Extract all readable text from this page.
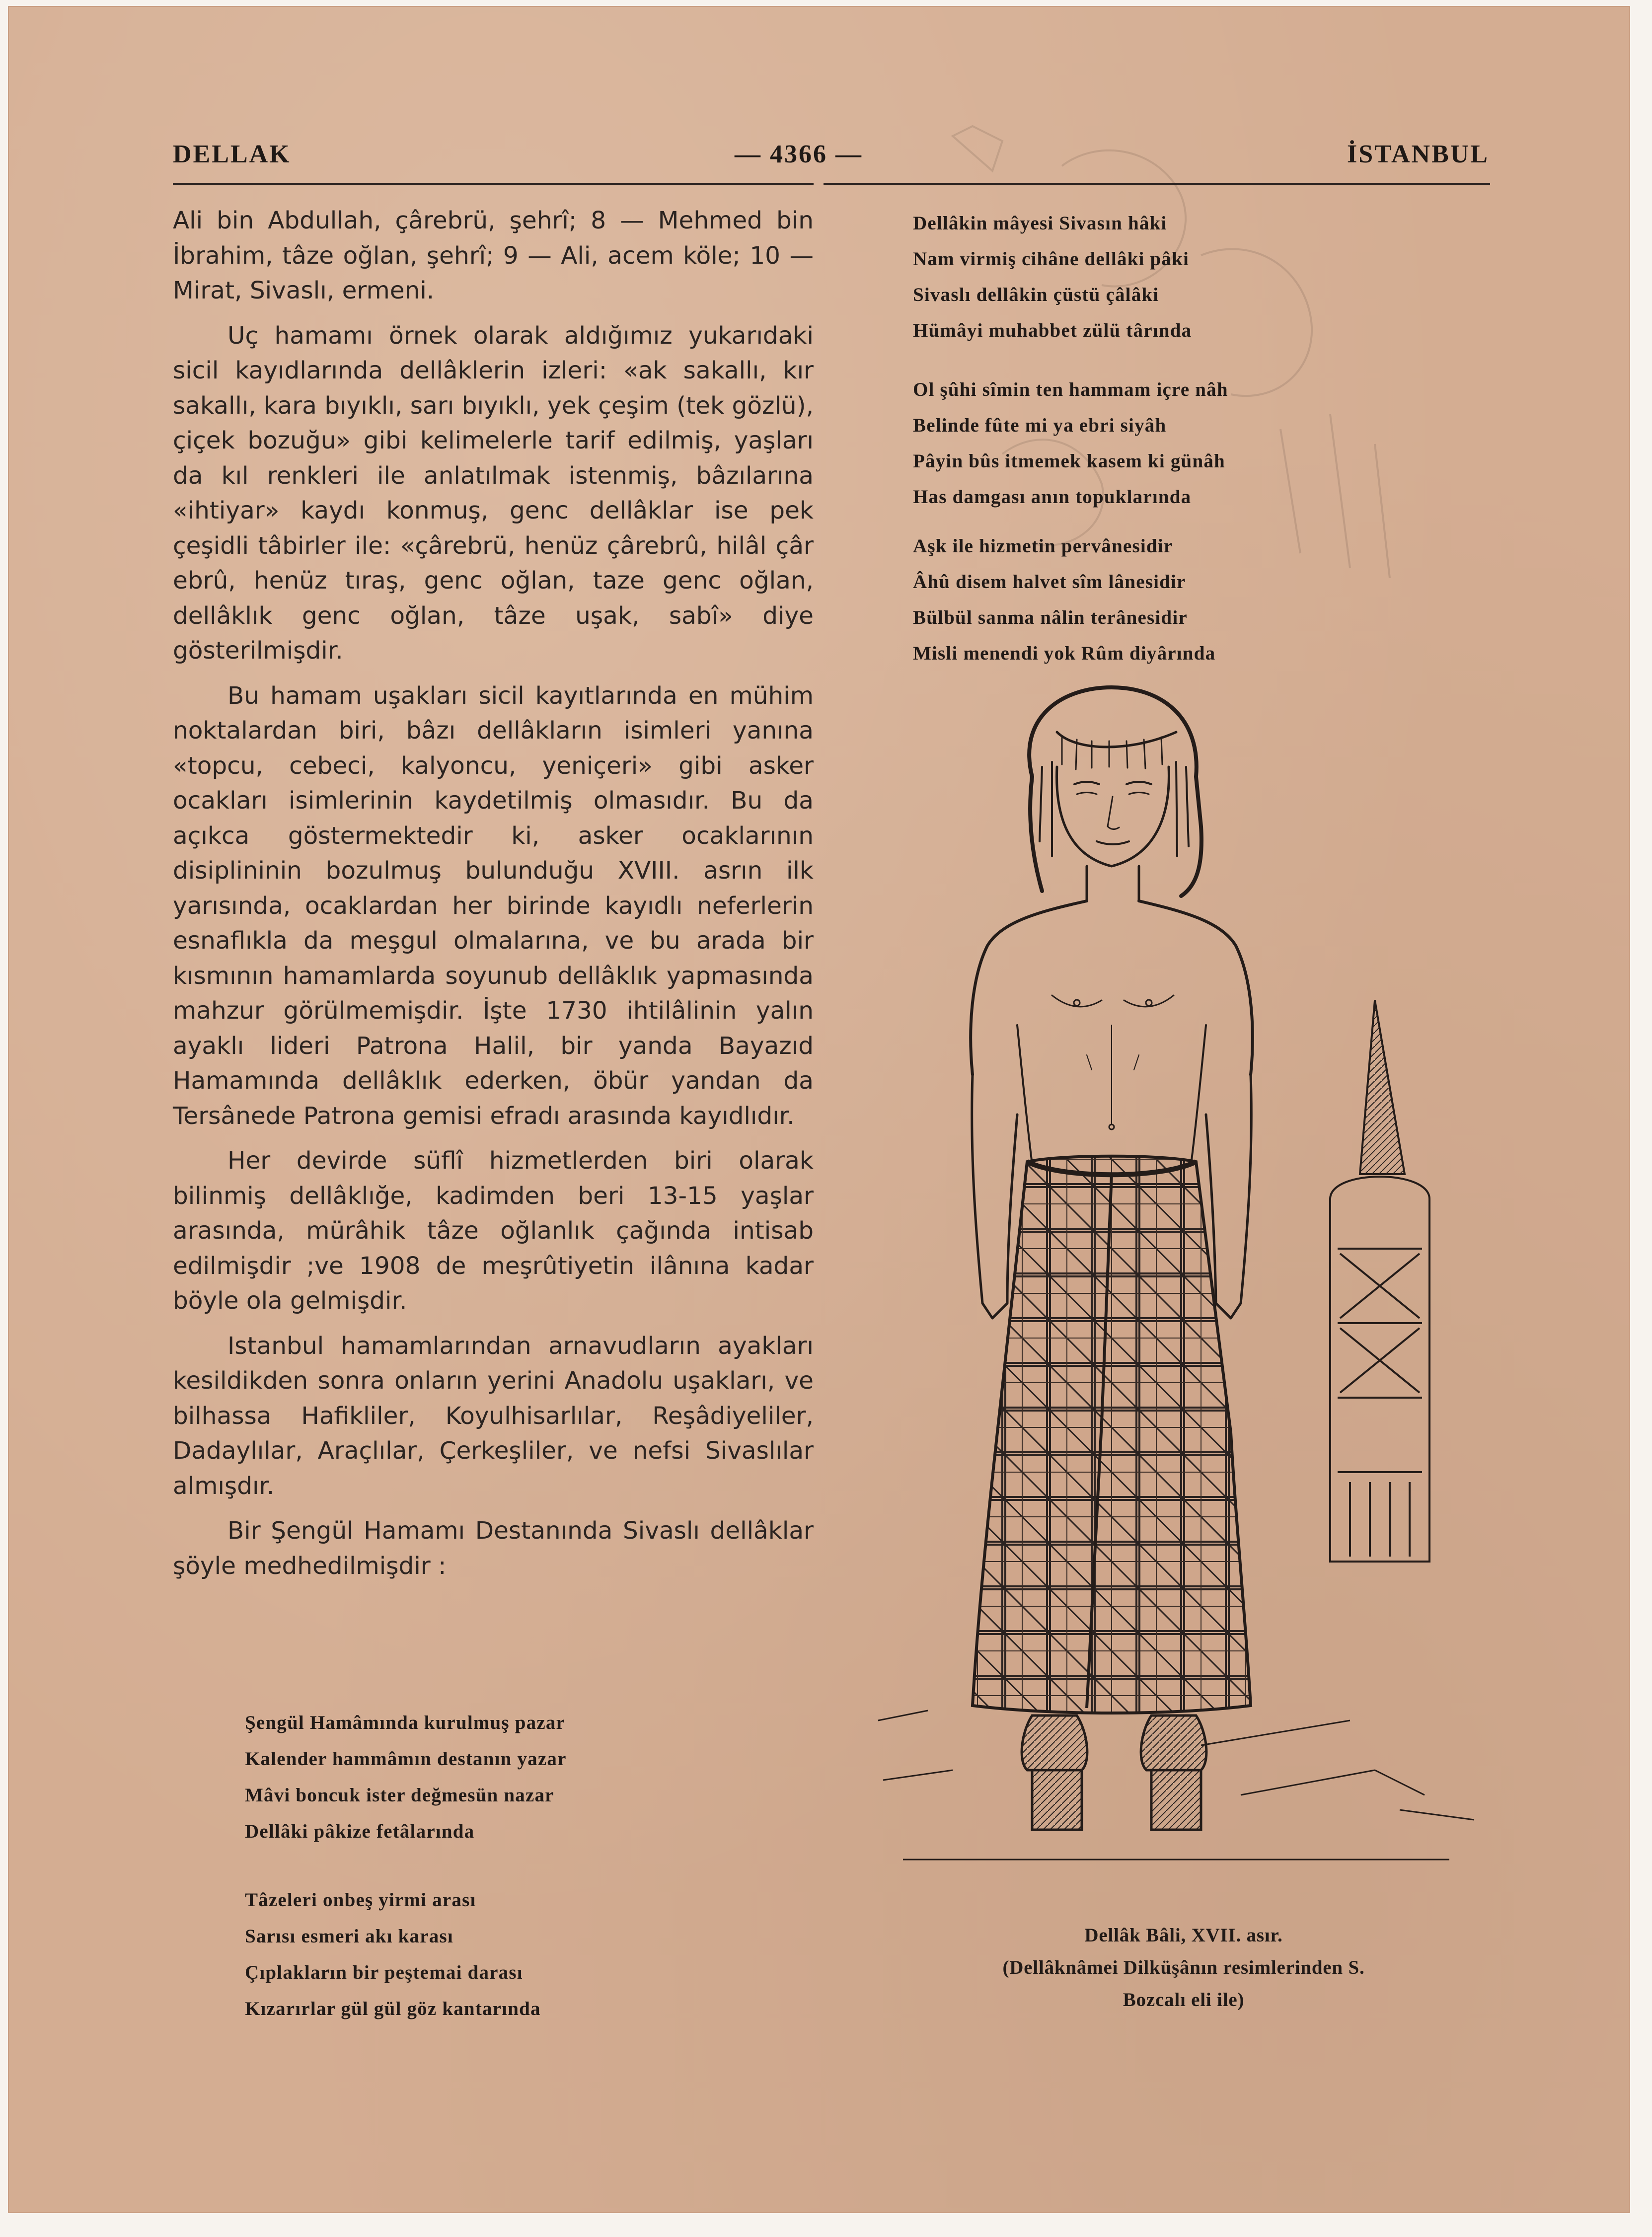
DELLAK	— 4366 —	İSTANBUL

Ali bin Abdullah, çârebrü, şehrî; 8 — Mehmed bin İbrahim, tâze oğlan, şehrî; 9 — Ali, acem köle; 10 — Mirat, Sivaslı, ermeni.

Uç hamamı örnek olarak aldığımız yukarıdaki sicil kayıdlarında dellâklerin izleri: «ak sakallı, kır sakallı, kara bıyıklı, sarı bıyıklı, yek çeşim (tek gözlü), çiçek bozuğu» gibi kelimelerle tarif edilmiş, yaşları da kıl renkleri ile anlatılmak istenmiş, bâzılarına «ihtiyar» kaydı konmuş, genc dellâklar ise pek çeşidli tâbirler ile: «çârebrü, henüz çârebrû, hilâl çâr ebrû, henüz tıraş, genc oğlan, taze genc oğlan, dellâklık genc oğlan, tâze uşak, sabî» diye gösterilmişdir.

Bu hamam uşakları sicil kayıtlarında en mühim noktalardan biri, bâzı dellâkların isimleri yanına «topcu, cebeci, kalyoncu, yeniçeri» gibi asker ocakları isimlerinin kaydetilmiş olmasıdır. Bu da açıkca göstermektedir ki, asker ocaklarının disiplininin bozulmuş bulunduğu XVIII. asrın ilk yarısında, ocaklardan her birinde kayıdlı neferlerin esnaflıkla da meşgul olmalarına, ve bu arada bir kısmının hamamlarda soyunub dellâklık yapmasında mahzur görülmemişdir. İşte 1730 ihtilâlinin yalın ayaklı lideri Patrona Halil, bir yanda Bayazıd Hamamında dellâklık ederken, öbür yandan da Tersânede Patrona gemisi efradı arasında kayıdlıdır.

Her devirde süflî hizmetlerden biri olarak bilinmiş dellâklığe, kadimden beri 13-15 yaşlar arasında, mürâhik tâze oğlanlık çağında intisab edilmişdir ;ve 1908 de meşrûtiyetin ilânına kadar böyle ola gelmişdir.

Istanbul hamamlarından arnavudların ayakları kesildikden sonra onların yerini Anadolu uşakları, ve bilhassa Hafikliler, Koyulhisarlılar, Reşâdiyeliler, Dadaylılar, Araçlılar, Çerkeşliler, ve nefsi Sivaslılar almışdır.

Bir Şengül Hamamı Destanında Sivaslı dellâklar şöyle medhedilmişdir :

Şengül Hamâmında kurulmuş pazar
Kalender hammâmın destanın yazar
Mâvi boncuk ister değmesün nazar
Dellâki pâkize fetâlarında
Tâzeleri onbeş yirmi arası
Sarısı esmeri akı karası
Çıplakların bir peştemai darası
Kızarırlar gül gül göz kantarında
Dellâkin mâyesi Sivasın hâki
Nam virmiş cihâne dellâki pâki
Sivaslı dellâkin çüstü çâlâki
Hümâyi muhabbet zülü târında
Ol şûhi sîmin ten hammam içre nâh
Belinde fûte mi ya ebri siyâh
Pâyin bûs itmemek kasem ki günâh
Has damgası anın topuklarında
Aşk ile hizmetin pervânesidir
Âhû disem halvet sîm lânesidir
Bülbül sanma nâlin terânesidir
Misli menendi yok Rûm diyârında
Dellâk Bâli, XVII. asır.
(Dellâknâmei Dilküşânın resimlerinden S.
Bozcalı eli ile)
